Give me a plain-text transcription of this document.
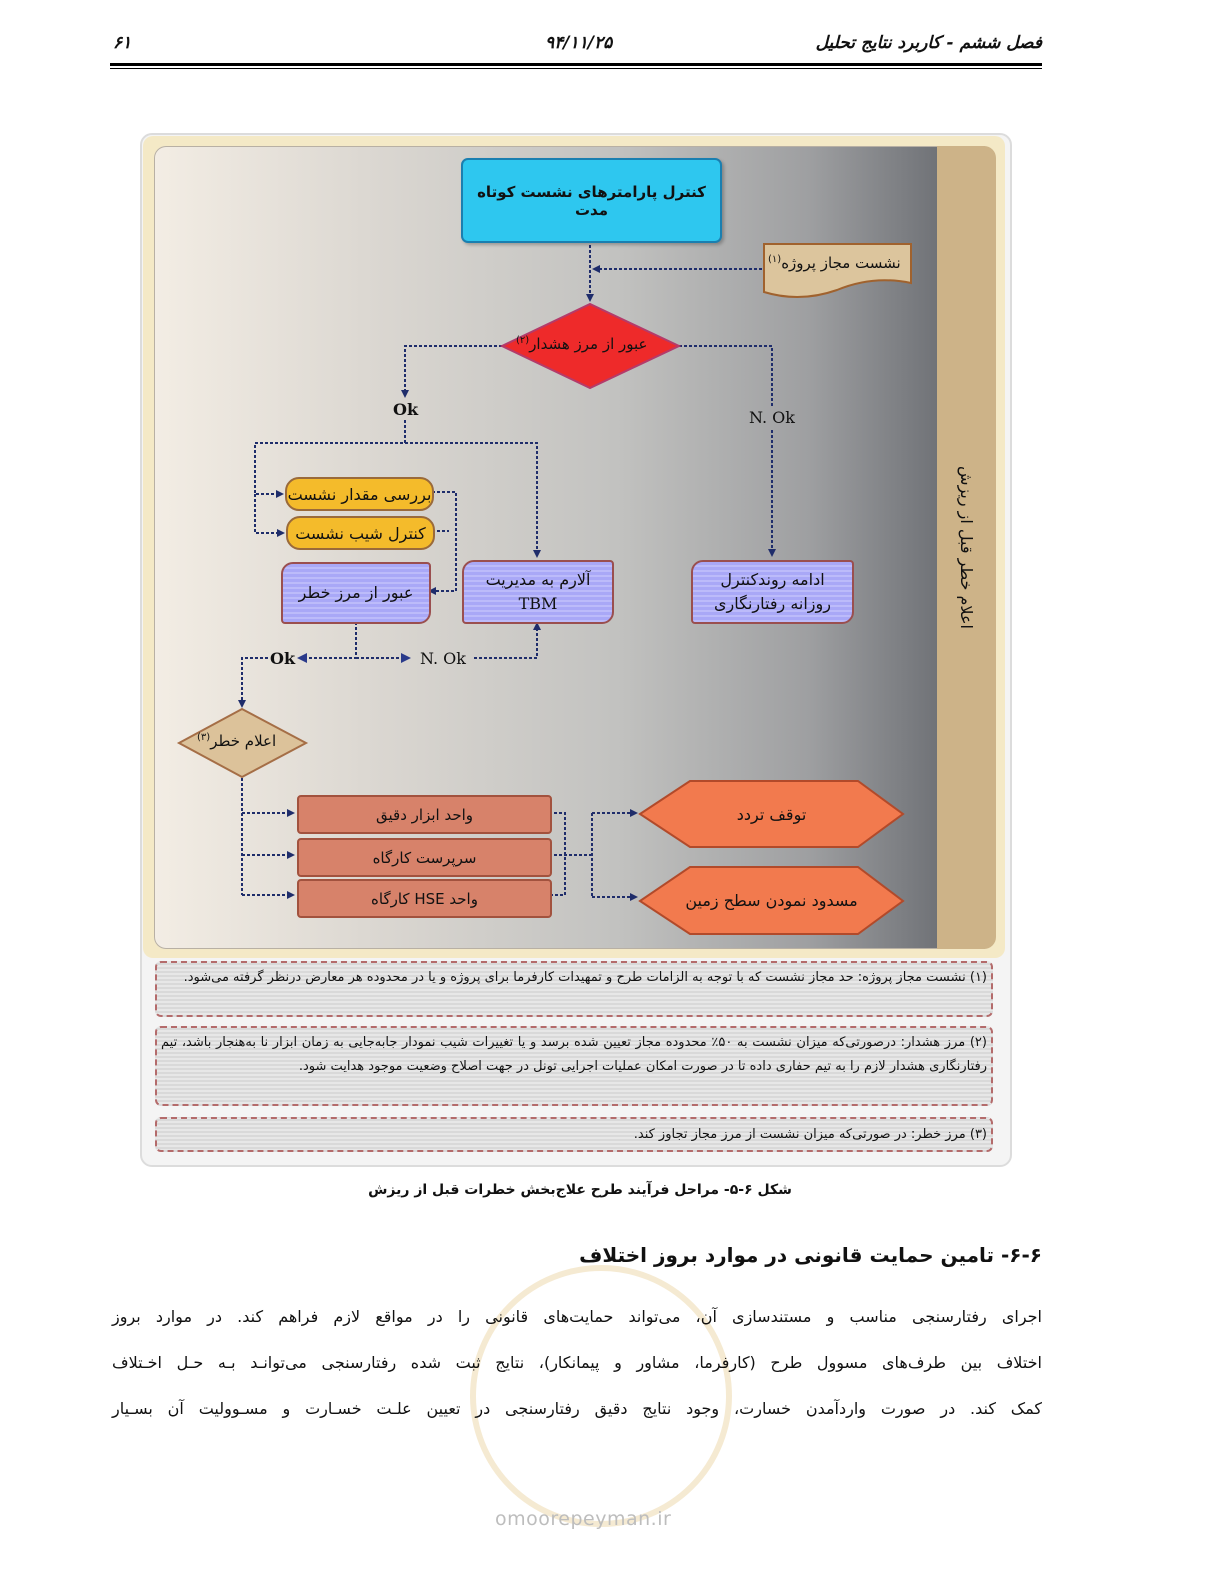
فصل ششم - کاربرد نتایج تحلیل
۹۴/۱۱/۲۵
۶۱
اعلام خطر قبل از ریزش
کنترل پارامترهای نشست کوتاه مدت
نشست مجاز پروژه$^{(۱)}$
عبور از مرز هشدار$^{(۲)}$
Ok	N. Ok
بررسی مقدار نشست
کنترل شیب نشست
عبور از مرز خطر
آلارم به مدیریت
TBM
ادامه روندکنترل
روزانه رفتارنگاری
Ok	N. Ok
اعلام خطر$^{(۳)}$
واحد ابزار دقیق
سرپرست کارگاه
واحد HSE کارگاه
توقف تردد
مسدود نمودن سطح زمین
(۱) نشست مجاز پروژه: حد مجاز نشست که با توجه به الزامات طرح و تمهیدات کارفرما برای پروژه و یا در محدوده هر معارض درنظر گرفته می‌شود.
(۲) مرز هشدار: درصورتی‌که میزان نشست به ۵۰٪ محدوده مجاز تعیین شده برسد و یا تغییرات شیب نمودار جابه‌جایی به زمان ابزار نا به‌هنجار باشد، تیم رفتارنگاری هشدار لازم را به تیم حفاری داده تا در صورت امکان عملیات اجرایی تونل در جهت اصلاح وضعیت موجود هدایت شود.
(۳) مرز خطر: در صورتی‌که میزان نشست از مرز مجاز تجاوز کند.
شکل ۶-۵- مراحل فرآیند طرح علاج‌بخش خطرات قبل از ریزش
omoorepeyman.ir
۶-۶- تامین حمایت قانونی در موارد بروز اختلاف
اجرای رفتارسنجی مناسب و مستندسازی آن، می‌تواند حمایت‌های قانونی را در مواقع لازم فراهم کند. در موارد بروز
اختلاف بین طرف‌های مسوول طرح (کارفرما، مشاور و پیمانکار)، نتایج ثبت شده رفتارسنجی می‌توانـد بـه حـل اخـتلاف
کمک کند. در صورت واردآمدن خسارت، وجود نتایج دقیق رفتارسنجی در تعیین علـت خسـارت و مسـوولیت آن بسـیار
